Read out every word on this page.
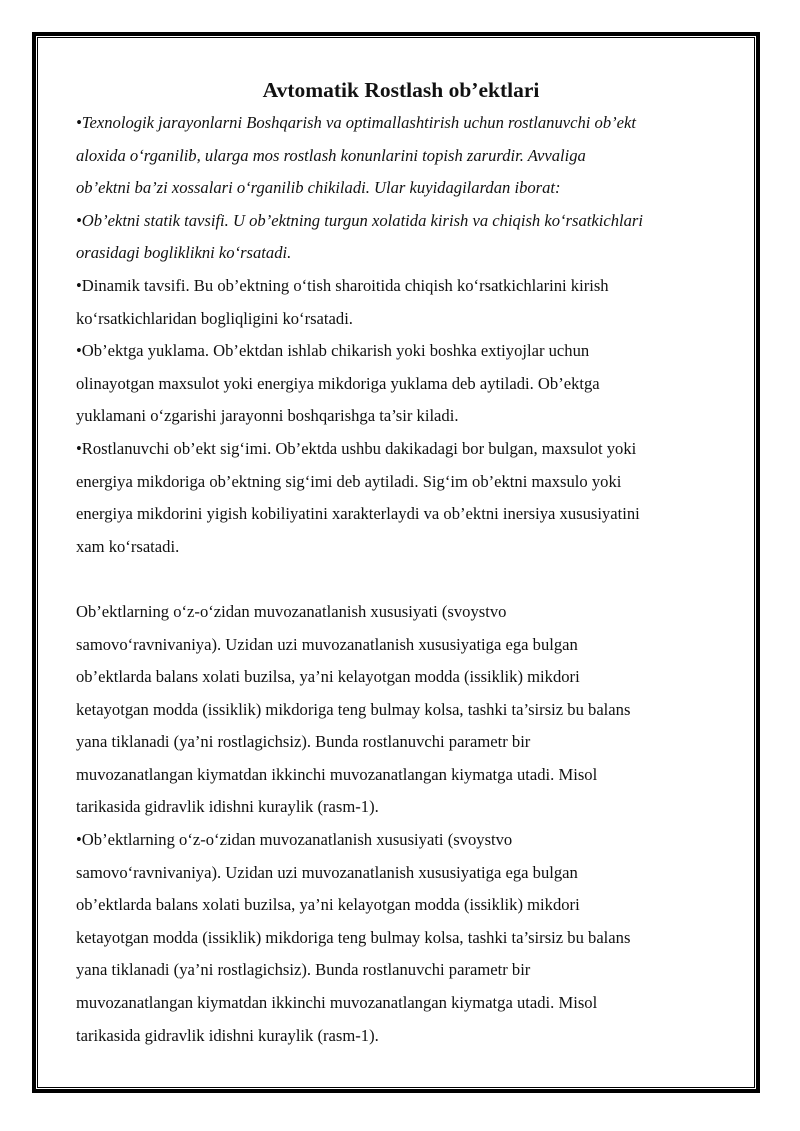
Avtomatik Rostlash ob’ektlari
•Texnologik jarayonlarni Boshqarish va optimallashtirish uchun rostlanuvchi ob’ekt
aloxida o‘rganilib, ularga mos rostlash konunlarini topish zarurdir. Avvaliga
ob’ektni ba’zi xossalari o‘rganilib chikiladi. Ular kuyidagilardan iborat:
•Ob’ektni statik tavsifi. U ob’ektning turgun xolatida kirish va chiqish ko‘rsatkichlari
orasidagi bogliklikni ko‘rsatadi.
•Dinamik tavsifi. Bu ob’ektning o‘tish sharoitida chiqish ko‘rsatkichlarini kirish
ko‘rsatkichlaridan bogliqligini ko‘rsatadi.
•Ob’ektga yuklama. Ob’ektdan ishlab chikarish yoki boshka extiyojlar uchun
olinayotgan maxsulot yoki energiya mikdoriga yuklama deb aytiladi. Ob’ektga
yuklamani o‘zgarishi jarayonni boshqarishga ta’sir kiladi.
•Rostlanuvchi ob’ekt sig‘imi. Ob’ektda ushbu dakikadagi bor bulgan, maxsulot yoki
energiya mikdoriga ob’ektning sig‘imi deb aytiladi. Sig‘im ob’ektni maxsulo yoki
energiya mikdorini yigish kobiliyatini xarakterlaydi va ob’ektni inersiya xususiyatini
xam ko‘rsatadi.
Ob’ektlarning o‘z-o‘zidan muvozanatlanish xususiyati (svoystvo
samovo‘ravnivaniya). Uzidan uzi muvozanatlanish xususiyatiga ega bulgan
ob’ektlarda balans xolati buzilsa, ya’ni kelayotgan modda (issiklik) mikdori
ketayotgan modda (issiklik) mikdoriga teng bulmay kolsa, tashki ta’sirsiz bu balans
yana tiklanadi (ya’ni rostlagichsiz). Bunda rostlanuvchi parametr bir
muvozanatlangan kiymatdan ikkinchi muvozanatlangan kiymatga utadi. Misol
tarikasida gidravlik idishni kuraylik (rasm-1).
•Ob’ektlarning o‘z-o‘zidan muvozanatlanish xususiyati (svoystvo
samovo‘ravnivaniya). Uzidan uzi muvozanatlanish xususiyatiga ega bulgan
ob’ektlarda balans xolati buzilsa, ya’ni kelayotgan modda (issiklik) mikdori
ketayotgan modda (issiklik) mikdoriga teng bulmay kolsa, tashki ta’sirsiz bu balans
yana tiklanadi (ya’ni rostlagichsiz). Bunda rostlanuvchi parametr bir
muvozanatlangan kiymatdan ikkinchi muvozanatlangan kiymatga utadi. Misol
tarikasida gidravlik idishni kuraylik (rasm-1).
